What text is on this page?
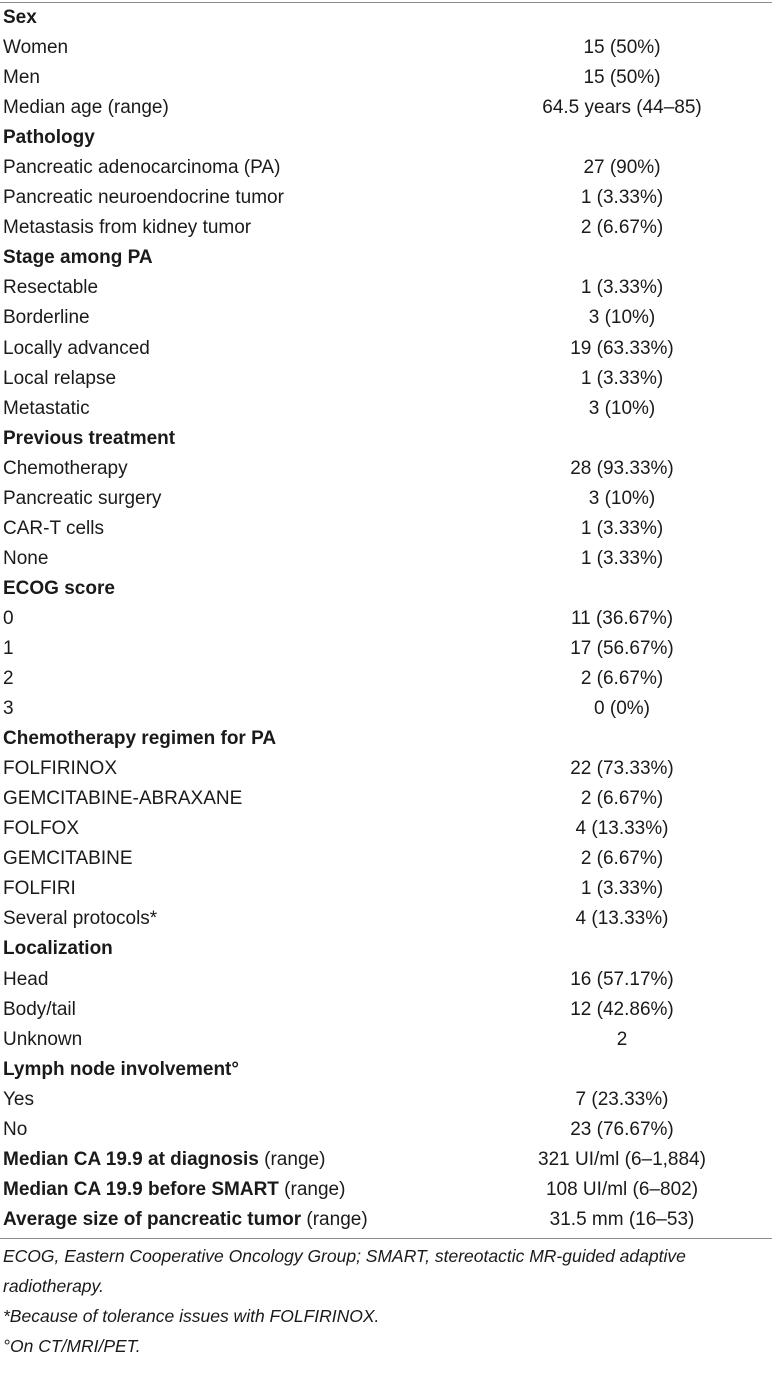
Sex
Women	15 (50%)
Men	15 (50%)
Median age (range)	64.5 years (44–85)
Pathology
Pancreatic adenocarcinoma (PA)	27 (90%)
Pancreatic neuroendocrine tumor	1 (3.33%)
Metastasis from kidney tumor	2 (6.67%)
Stage among PA
Resectable	1 (3.33%)
Borderline	3 (10%)
Locally advanced	19 (63.33%)
Local relapse	1 (3.33%)
Metastatic	3 (10%)
Previous treatment
Chemotherapy	28 (93.33%)
Pancreatic surgery	3 (10%)
CAR-T cells	1 (3.33%)
None	1 (3.33%)
ECOG score
0	11 (36.67%)
1	17 (56.67%)
2	2 (6.67%)
3	0 (0%)
Chemotherapy regimen for PA
FOLFIRINOX	22 (73.33%)
GEMCITABINE-ABRAXANE	2 (6.67%)
FOLFOX	4 (13.33%)
GEMCITABINE	2 (6.67%)
FOLFIRI	1 (3.33%)
Several protocols*	4 (13.33%)
Localization
Head	16 (57.17%)
Body/tail	12 (42.86%)
Unknown	2
Lymph node involvement°
Yes	7 (23.33%)
No	23 (76.67%)
Median CA 19.9 at diagnosis (range)	321 UI/ml (6–1,884)
Median CA 19.9 before SMART (range)	108 UI/ml (6–802)
Average size of pancreatic tumor (range)	31.5 mm (16–53)

ECOG, Eastern Cooperative Oncology Group; SMART, stereotactic MR-guided adaptive radiotherapy.

*Because of tolerance issues with FOLFIRINOX.

°On CT/MRI/PET.
